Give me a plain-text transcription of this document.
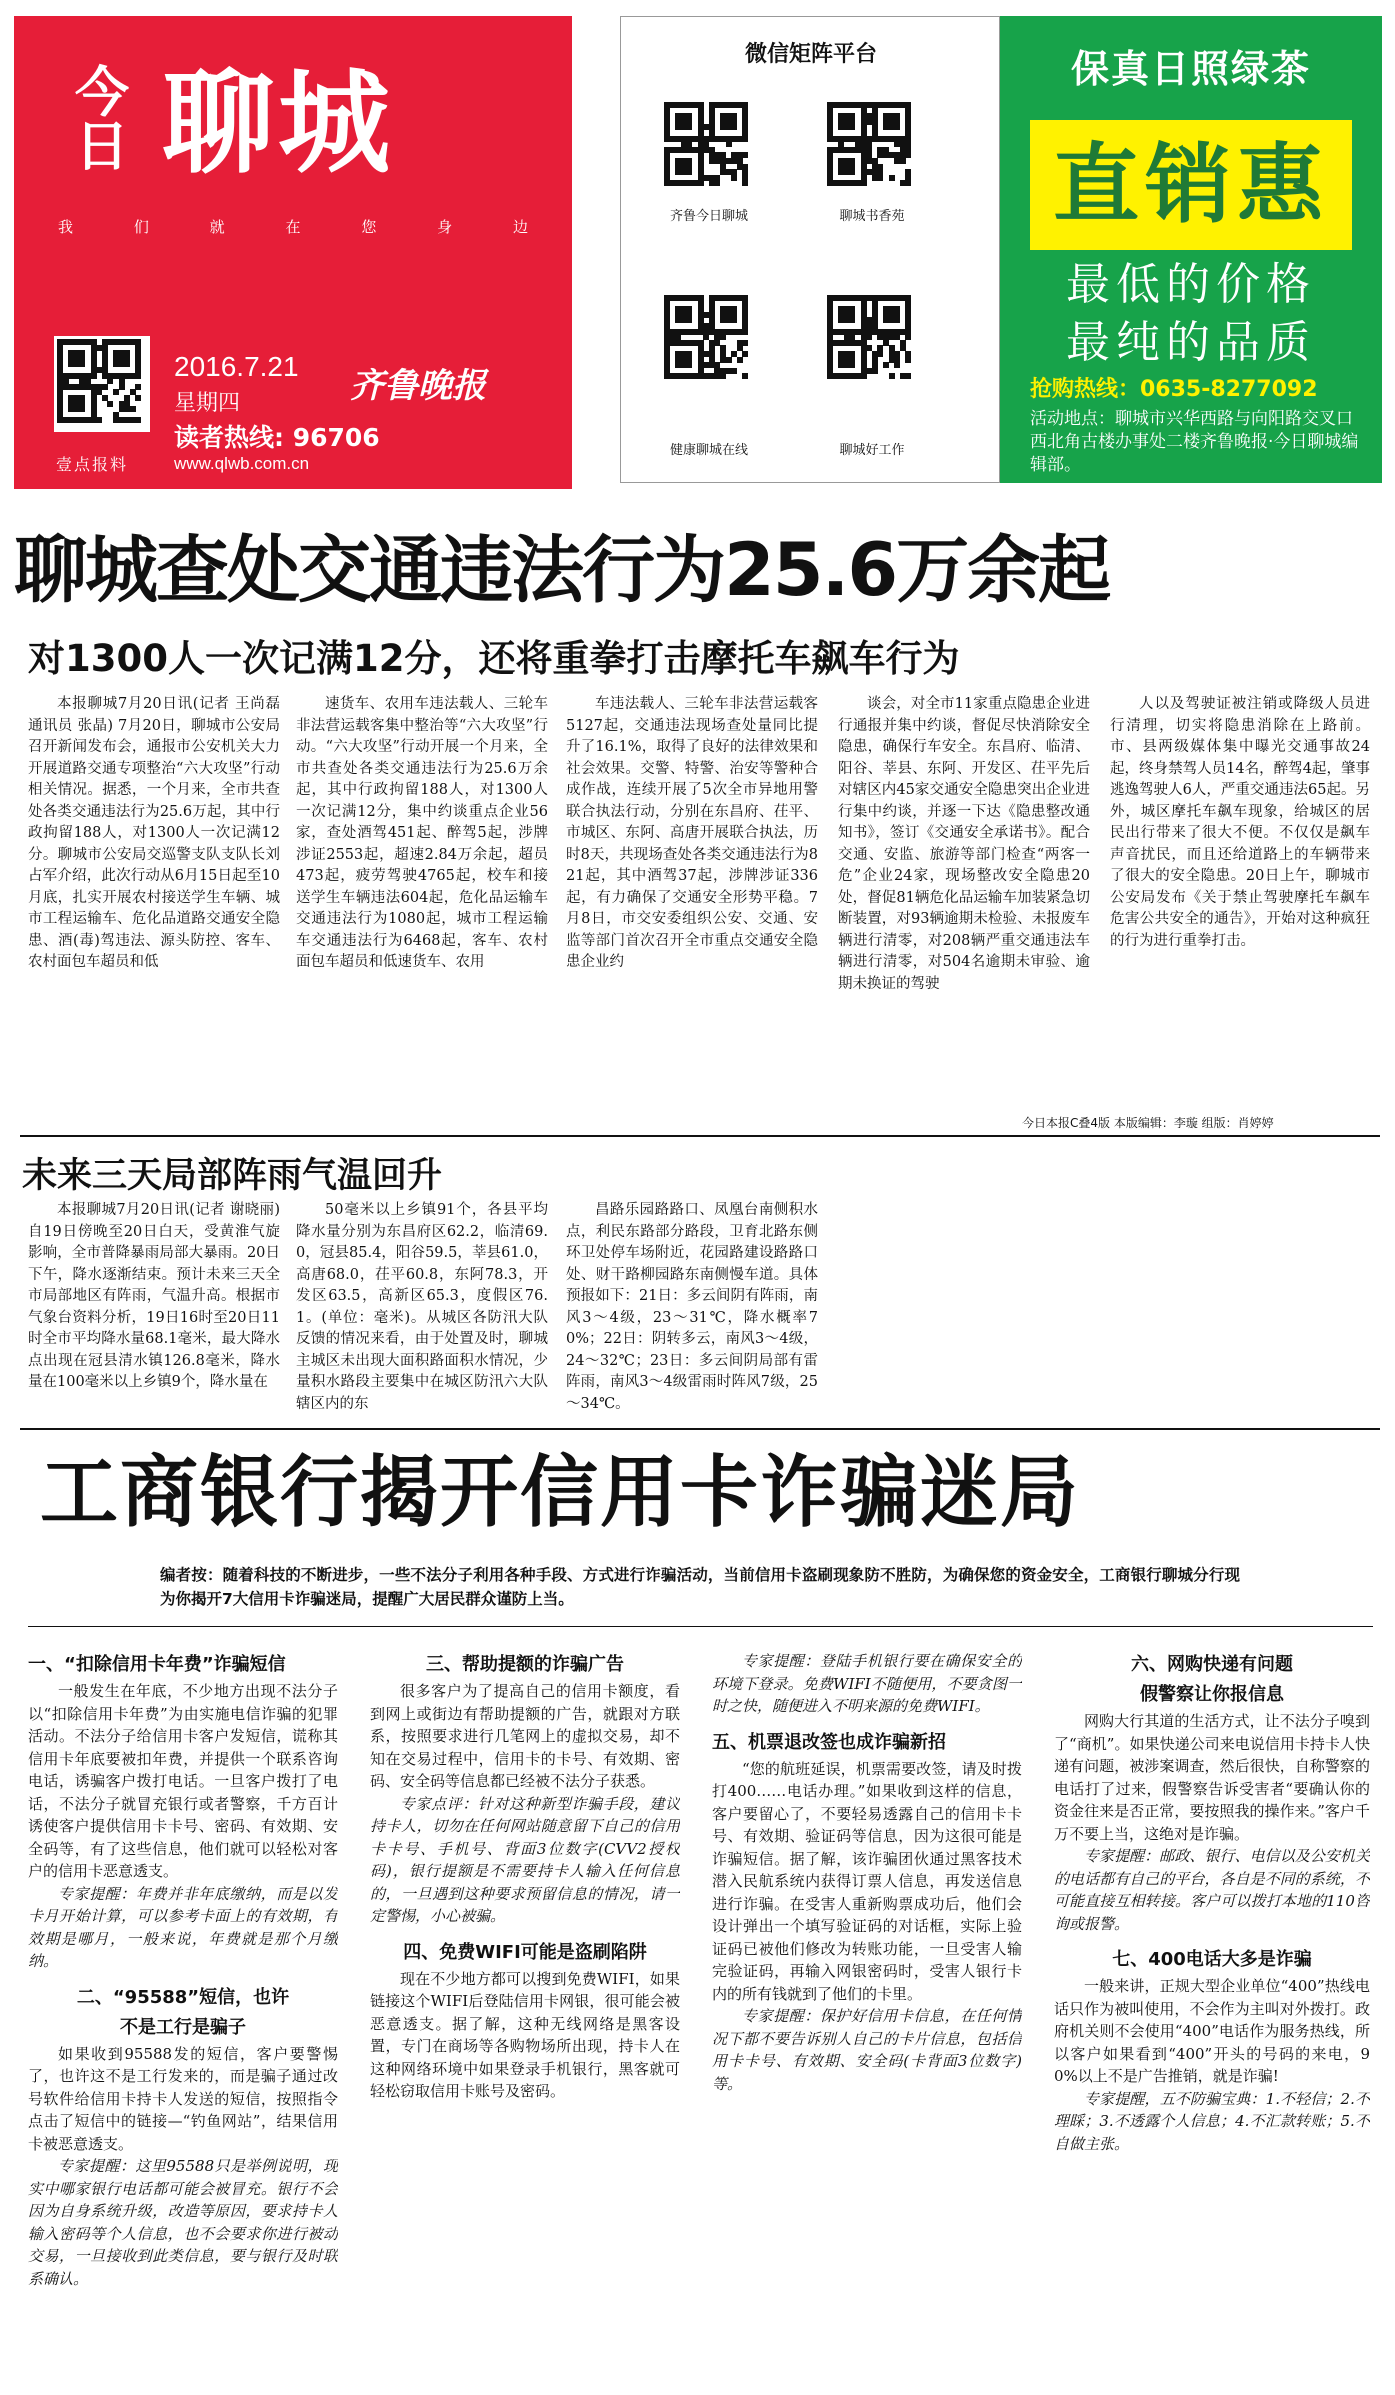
今
日 聊城
我	们	就	在	您	身	边
壹点报料
2016.7.21
星期四
读者热线: 96706
www.qlwb.com.cn
齐鲁晚报
微信矩阵平台
齐鲁今日聊城	聊城书香苑
健康聊城在线	聊城好工作
保真日照绿茶
直销惠
最低的价格
最纯的品质
抢购热线：0635-8277092
活动地点：聊城市兴华西路与向阳路交叉口西北角古楼办事处二楼齐鲁晚报·今日聊城编辑部。
聊城查处交通违法行为25.6万余起
对1300人一次记满12分，还将重拳打击摩托车飙车行为

本报聊城7月20日讯(记者 王尚磊 通讯员 张晶) 7月20日，聊城市公安局召开新闻发布会，通报市公安机关大力开展道路交通专项整治“六大攻坚”行动相关情况。据悉，一个月来，全市共查处各类交通违法行为25.6万起，其中行政拘留188人，对1300人一次记满12分。聊城市公安局交巡警支队支队长刘占军介绍，此次行动从6月15日起至10月底，扎实开展农村接送学生车辆、城市工程运输车、危化品道路交通安全隐患、酒(毒)驾违法、源头防控、客车、农村面包车超员和低

速货车、农用车违法载人、三轮车非法营运载客集中整治等“六大攻坚”行动。“六大攻坚”行动开展一个月来，全市共查处各类交通违法行为25.6万余起，其中行政拘留188人，对1300人一次记满12分，集中约谈重点企业56家，查处酒驾451起、醉驾5起，涉牌涉证2553起，超速2.84万余起，超员473起，疲劳驾驶4765起，校车和接送学生车辆违法604起，危化品运输车交通违法行为1080起，城市工程运输车交通违法行为6468起，客车、农村面包车超员和低速货车、农用

车违法载人、三轮车非法营运载客5127起，交通违法现场查处量同比提升了16.1%，取得了良好的法律效果和社会效果。交警、特警、治安等警种合成作战，连续开展了5次全市异地用警联合执法行动，分别在东昌府、茌平、市城区、东阿、高唐开展联合执法，历时8天，共现场查处各类交通违法行为821起，其中酒驾37起，涉牌涉证336起，有力确保了交通安全形势平稳。7月8日，市交安委组织公安、交通、安监等部门首次召开全市重点交通安全隐患企业约

谈会，对全市11家重点隐患企业进行通报并集中约谈，督促尽快消除安全隐患，确保行车安全。东昌府、临清、阳谷、莘县、东阿、开发区、茌平先后对辖区内45家交通安全隐患突出企业进行集中约谈，并逐一下达《隐患整改通知书》，签订《交通安全承诺书》。配合交通、安监、旅游等部门检查“两客一危”企业24家，现场整改安全隐患20处，督促81辆危化品运输车加装紧急切断装置，对93辆逾期未检验、未报废车辆进行清零，对208辆严重交通违法车辆进行清零，对504名逾期未审验、逾期未换证的驾驶

人以及驾驶证被注销或降级人员进行清理，切实将隐患消除在上路前。市、县两级媒体集中曝光交通事故24起，终身禁驾人员14名，醉驾4起，肇事逃逸驾驶人6人，严重交通违法65起。另外，城区摩托车飙车现象，给城区的居民出行带来了很大不便。不仅仅是飙车声音扰民，而且还给道路上的车辆带来了很大的安全隐患。20日上午，聊城市公安局发布《关于禁止驾驶摩托车飙车危害公共安全的通告》，开始对这种疯狂的行为进行重拳打击。

今日本报C叠4版 本版编辑：李璇 组版：肖婷婷
未来三天局部阵雨气温回升

本报聊城7月20日讯(记者 谢晓丽) 自19日傍晚至20日白天，受黄淮气旋影响，全市普降暴雨局部大暴雨。20日下午，降水逐渐结束。预计未来三天全市局部地区有阵雨，气温升高。根据市气象台资料分析，19日16时至20日11时全市平均降水量68.1毫米，最大降水点出现在冠县清水镇126.8毫米，降水量在100毫米以上乡镇9个，降水量在

50毫米以上乡镇91个，各县平均降水量分别为东昌府区62.2，临清69.0，冠县85.4，阳谷59.5，莘县61.0，高唐68.0，茌平60.8，东阿78.3，开发区63.5，高新区65.3，度假区76.1。(单位：毫米)。从城区各防汛大队反馈的情况来看，由于处置及时，聊城主城区未出现大面积路面积水情况，少量积水路段主要集中在城区防汛六大队辖区内的东

昌路乐园路路口、凤凰台南侧积水点，利民东路部分路段，卫育北路东侧环卫处停车场附近，花园路建设路路口处、财干路柳园路东南侧慢车道。具体预报如下：21日：多云间阴有阵雨，南风3～4级，23～31℃，降水概率70%；22日：阴转多云，南风3～4级，24～32℃；23日：多云间阴局部有雷阵雨，南风3～4级雷雨时阵风7级，25～34℃。

工商银行揭开信用卡诈骗迷局
编者按：随着科技的不断进步，一些不法分子利用各种手段、方式进行诈骗活动，当前信用卡盗刷现象防不胜防，为确保您的资金安全，工商银行聊城分行现为你揭开7大信用卡诈骗迷局，提醒广大居民群众谨防上当。
一、“扣除信用卡年费”诈骗短信

一般发生在年底，不少地方出现不法分子以“扣除信用卡年费”为由实施电信诈骗的犯罪活动。不法分子给信用卡客户发短信，谎称其信用卡年底要被扣年费，并提供一个联系咨询电话，诱骗客户拨打电话。一旦客户拨打了电话，不法分子就冒充银行或者警察，千方百计诱使客户提供信用卡卡号、密码、有效期、安全码等，有了这些信息，他们就可以轻松对客户的信用卡恶意透支。

专家提醒：年费并非年底缴纳，而是以发卡月开始计算，可以参考卡面上的有效期，有效期是哪月，一般来说，年费就是那个月缴纳。

二、“95588”短信，也许
不是工行是骗子

如果收到95588发的短信，客户要警惕了，也许这不是工行发来的，而是骗子通过改号软件给信用卡持卡人发送的短信，按照指令点击了短信中的链接—“钓鱼网站”，结果信用卡被恶意透支。

专家提醒：这里95588只是举例说明，现实中哪家银行电话都可能会被冒充。银行不会因为自身系统升级，改造等原因，要求持卡人输入密码等个人信息，也不会要求你进行被动交易，一旦接收到此类信息，要与银行及时联系确认。

三、帮助提额的诈骗广告

很多客户为了提高自己的信用卡额度，看到网上或街边有帮助提额的广告，就跟对方联系，按照要求进行几笔网上的虚拟交易，却不知在交易过程中，信用卡的卡号、有效期、密码、安全码等信息都已经被不法分子获悉。

专家点评：针对这种新型诈骗手段，建议持卡人，切勿在任何网站随意留下自己的信用卡卡号、手机号、背面3位数字(CVV2授权码)，银行提额是不需要持卡人输入任何信息的，一旦遇到这种要求预留信息的情况，请一定警惕，小心被骗。

四、免费WIFI可能是盗刷陷阱

现在不少地方都可以搜到免费WIFI，如果链接这个WIFI后登陆信用卡网银，很可能会被恶意透支。据了解，这种无线网络是黑客设置，专门在商场等各购物场所出现，持卡人在这种网络环境中如果登录手机银行，黑客就可轻松窃取信用卡账号及密码。

专家提醒：登陆手机银行要在确保安全的环境下登录。免费WIFI不随便用，不要贪图一时之快，随便进入不明来源的免费WIFI。

五、机票退改签也成诈骗新招

“您的航班延误，机票需要改签，请及时拨打400……电话办理。”如果收到这样的信息，客户要留心了，不要轻易透露自己的信用卡卡号、有效期、验证码等信息，因为这很可能是诈骗短信。据了解，该诈骗团伙通过黑客技术潜入民航系统内获得订票人信息，再发送信息进行诈骗。在受害人重新购票成功后，他们会设计弹出一个填写验证码的对话框，实际上验证码已被他们修改为转账功能，一旦受害人输完验证码，再输入网银密码时，受害人银行卡内的所有钱就到了他们的卡里。

专家提醒：保护好信用卡信息，在任何情况下都不要告诉别人自己的卡片信息，包括信用卡卡号、有效期、安全码(卡背面3位数字)等。

六、网购快递有问题
假警察让你报信息

网购大行其道的生活方式，让不法分子嗅到了“商机”。如果快递公司来电说信用卡持卡人快递有问题，被涉案调查，然后很快，自称警察的电话打了过来，假警察告诉受害者“要确认你的资金往来是否正常，要按照我的操作来。”客户千万不要上当，这绝对是诈骗。

专家提醒：邮政、银行、电信以及公安机关的电话都有自己的平台，各自是不同的系统，不可能直接互相转接。客户可以拨打本地的110咨询或报警。

七、400电话大多是诈骗

一般来讲，正规大型企业单位“400”热线电话只作为被叫使用，不会作为主叫对外拨打。政府机关则不会使用“400”电话作为服务热线，所以客户如果看到“400”开头的号码的来电，90%以上不是广告推销，就是诈骗!

专家提醒，五不防骗宝典：1.不轻信；2.不理睬；3.不透露个人信息；4.不汇款转账；5.不自做主张。
